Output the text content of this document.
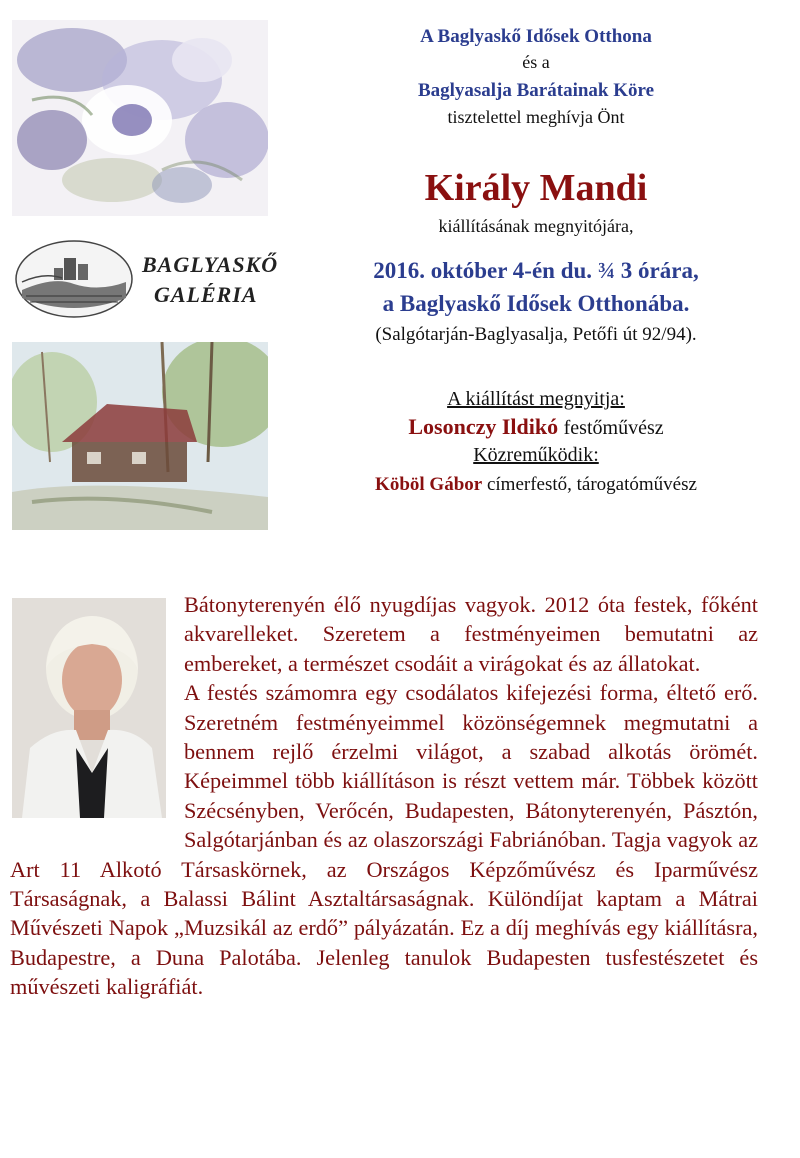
BAGLYASKŐ
GALÉRIA
A Baglyaskő Idősek Otthona
és a
Baglyasalja Barátainak Köre
tisztelettel meghívja Önt
Király Mandi
kiállításának megnyitójára,
2016. október 4-én du. ¾ 3 órára,
a Baglyaskő Idősek Otthonába.
(Salgótarján-Baglyasalja, Petőfi út 92/94).
A kiállítást megnyitja:
Losonczy Ildikó festőművész
Közreműködik:
Köböl Gábor címerfestő, tárogatóművész

Bátonyterenyén élő nyugdíjas vagyok. 2012 óta festek, főként akvarelleket. Szeretem a festményeimen bemutatni az embereket, a természet csodáit a virágokat és az állatokat.

A festés számomra egy csodálatos kifejezési forma, éltető erő. Szeretném festményeimmel közönségemnek megmutatni a bennem rejlő érzelmi világot, a szabad alkotás örömét. Képeimmel több kiállításon is részt vettem már. Többek között Szécsényben, Verőcén, Budapesten, Bátonyterenyén, Pásztón, Salgótarjánban és az olaszországi Fabriánóban. Tagja vagyok az Art 11 Alkotó Társaskörnek, az Országos Képzőművész és Iparművész Társaságnak, a Balassi Bálint Asztaltársaságnak. Különdíjat kaptam a Mátrai Művészeti Napok „Muzsikál az erdő” pályázatán. Ez a díj meghívás egy kiállításra, Budapestre, a Duna Palotába. Jelenleg tanulok Budapesten tusfestészetet és művészeti kaligráfiát.
